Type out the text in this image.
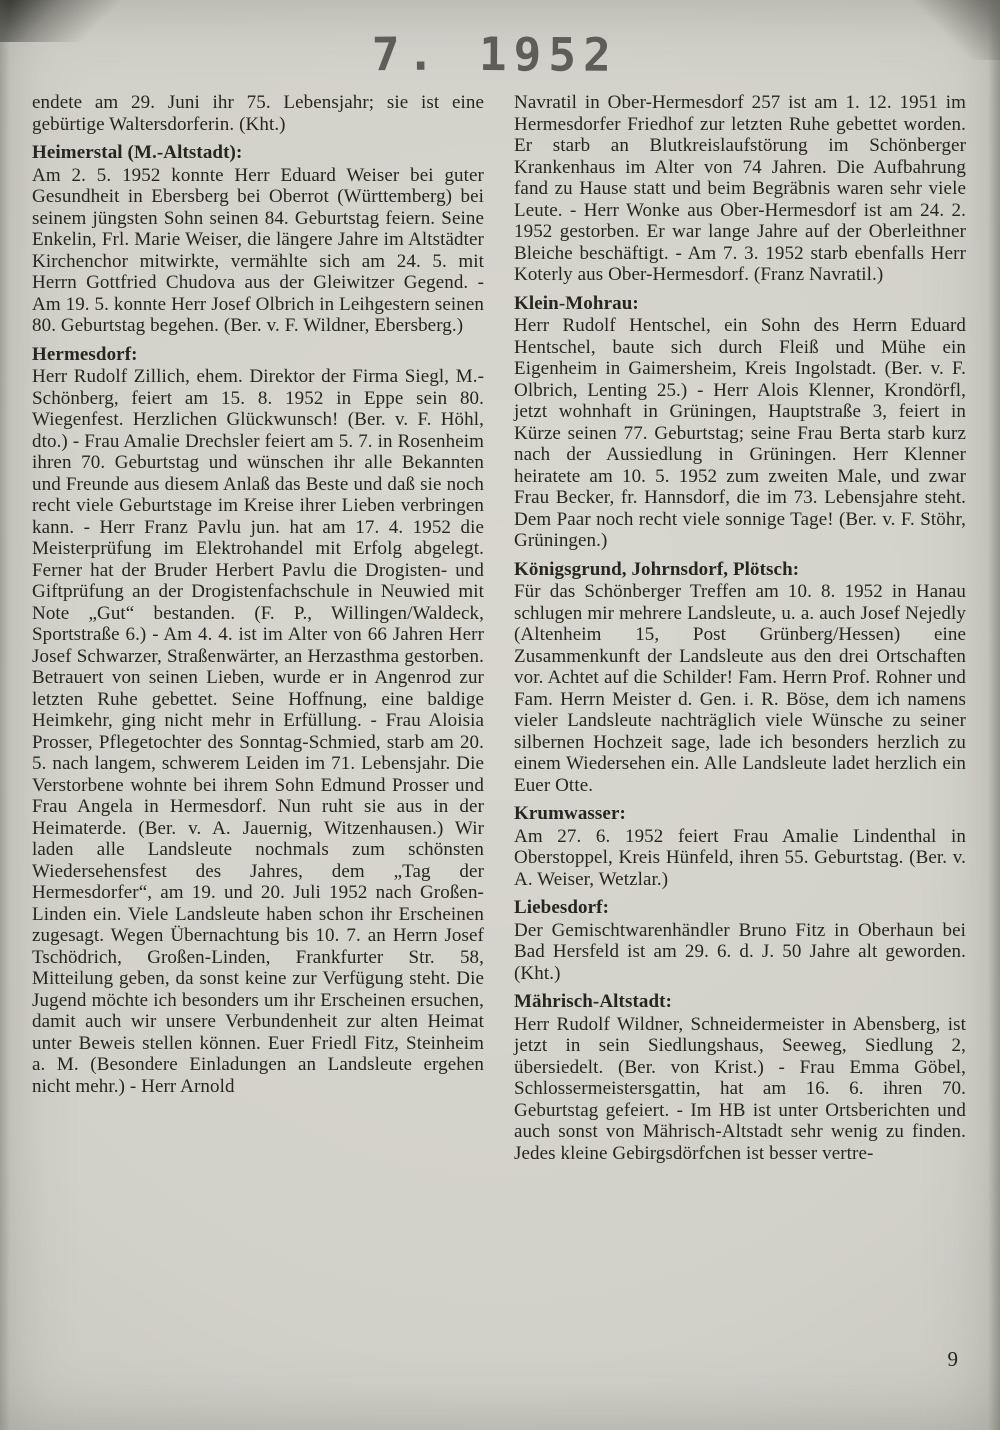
7. 1952

endete am 29. Juni ihr 75. Lebensjahr; sie ist eine gebürtige Waltersdorferin. (Kht.)

Heimerstal (M.-Altstadt):

Am 2. 5. 1952 konnte Herr Eduard Weiser bei guter Gesundheit in Ebersberg bei Oberrot (Württemberg) bei seinem jüngsten Sohn seinen 84. Geburtstag feiern. Seine Enkelin, Frl. Marie Weiser, die längere Jahre im Altstädter Kirchenchor mitwirkte, vermählte sich am 24. 5. mit Herrn Gottfried Chudova aus der Gleiwitzer Gegend. - Am 19. 5. konnte Herr Josef Olbrich in Leihgestern seinen 80. Geburtstag begehen. (Ber. v. F. Wildner, Ebersberg.)

Hermesdorf:

Herr Rudolf Zillich, ehem. Direktor der Firma Siegl, M.-Schönberg, feiert am 15. 8. 1952 in Eppe sein 80. Wiegenfest. Herzlichen Glückwunsch! (Ber. v. F. Höhl, dto.) - Frau Amalie Drechsler feiert am 5. 7. in Rosenheim ihren 70. Geburtstag und wünschen ihr alle Bekannten und Freunde aus diesem Anlaß das Beste und daß sie noch recht viele Geburtstage im Kreise ihrer Lieben verbringen kann. - Herr Franz Pavlu jun. hat am 17. 4. 1952 die Meisterprüfung im Elektrohandel mit Erfolg abgelegt. Ferner hat der Bruder Herbert Pavlu die Drogisten- und Giftprüfung an der Drogistenfachschule in Neuwied mit Note „Gut“ bestanden. (F. P., Willingen/Waldeck, Sportstraße 6.) - Am 4. 4. ist im Alter von 66 Jahren Herr Josef Schwarzer, Straßenwärter, an Herzasthma gestorben. Betrauert von seinen Lieben, wurde er in Angenrod zur letzten Ruhe gebettet. Seine Hoffnung, eine baldige Heimkehr, ging nicht mehr in Erfüllung. - Frau Aloisia Prosser, Pflegetochter des Sonntag-Schmied, starb am 20. 5. nach langem, schwerem Leiden im 71. Lebensjahr. Die Verstorbene wohnte bei ihrem Sohn Edmund Prosser und Frau Angela in Hermesdorf. Nun ruht sie aus in der Heimaterde. (Ber. v. A. Jauernig, Witzenhausen.) Wir laden alle Landsleute nochmals zum schönsten Wiedersehensfest des Jahres, dem „Tag der Hermesdorfer“, am 19. und 20. Juli 1952 nach Großen-Linden ein. Viele Landsleute haben schon ihr Erscheinen zugesagt. Wegen Übernachtung bis 10. 7. an Herrn Josef Tschödrich, Großen-Linden, Frankfurter Str. 58, Mitteilung geben, da sonst keine zur Verfügung steht. Die Jugend möchte ich besonders um ihr Erscheinen ersuchen, damit auch wir unsere Verbundenheit zur alten Heimat unter Beweis stellen können. Euer Friedl Fitz, Steinheim a. M. (Besondere Einladungen an Landsleute ergehen nicht mehr.) - Herr Arnold

Navratil in Ober-Hermesdorf 257 ist am 1. 12. 1951 im Hermesdorfer Friedhof zur letzten Ruhe gebettet worden. Er starb an Blutkreislaufstörung im Schönberger Krankenhaus im Alter von 74 Jahren. Die Aufbahrung fand zu Hause statt und beim Begräbnis waren sehr viele Leute. - Herr Wonke aus Ober-Hermesdorf ist am 24. 2. 1952 gestorben. Er war lange Jahre auf der Oberleithner Bleiche beschäftigt. - Am 7. 3. 1952 starb ebenfalls Herr Koterly aus Ober-Hermesdorf. (Franz Navratil.)

Klein-Mohrau:

Herr Rudolf Hentschel, ein Sohn des Herrn Eduard Hentschel, baute sich durch Fleiß und Mühe ein Eigenheim in Gaimersheim, Kreis Ingolstadt. (Ber. v. F. Olbrich, Lenting 25.) - Herr Alois Klenner, Krondörfl, jetzt wohnhaft in Grüningen, Hauptstraße 3, feiert in Kürze seinen 77. Geburtstag; seine Frau Berta starb kurz nach der Aussiedlung in Grüningen. Herr Klenner heiratete am 10. 5. 1952 zum zweiten Male, und zwar Frau Becker, fr. Hannsdorf, die im 73. Lebensjahre steht. Dem Paar noch recht viele sonnige Tage! (Ber. v. F. Stöhr, Grüningen.)

Königsgrund, Johrnsdorf, Plötsch:

Für das Schönberger Treffen am 10. 8. 1952 in Hanau schlugen mir mehrere Landsleute, u. a. auch Josef Nejedly (Altenheim 15, Post Grünberg/Hessen) eine Zusammenkunft der Landsleute aus den drei Ortschaften vor. Achtet auf die Schilder! Fam. Herrn Prof. Rohner und Fam. Herrn Meister d. Gen. i. R. Böse, dem ich namens vieler Landsleute nachträglich viele Wünsche zu seiner silbernen Hochzeit sage, lade ich besonders herzlich zu einem Wiedersehen ein. Alle Landsleute ladet herzlich ein Euer Otte.

Krumwasser:

Am 27. 6. 1952 feiert Frau Amalie Lindenthal in Oberstoppel, Kreis Hünfeld, ihren 55. Geburtstag. (Ber. v. A. Weiser, Wetzlar.)

Liebesdorf:

Der Gemischtwarenhändler Bruno Fitz in Oberhaun bei Bad Hersfeld ist am 29. 6. d. J. 50 Jahre alt geworden. (Kht.)

Mährisch-Altstadt:

Herr Rudolf Wildner, Schneidermeister in Abensberg, ist jetzt in sein Siedlungshaus, Seeweg, Siedlung 2, übersiedelt. (Ber. von Krist.) - Frau Emma Göbel, Schlossermeistersgattin, hat am 16. 6. ihren 70. Geburtstag gefeiert. - Im HB ist unter Ortsberichten und auch sonst von Mährisch-Altstadt sehr wenig zu finden. Jedes kleine Gebirgsdörfchen ist besser vertre-

9
